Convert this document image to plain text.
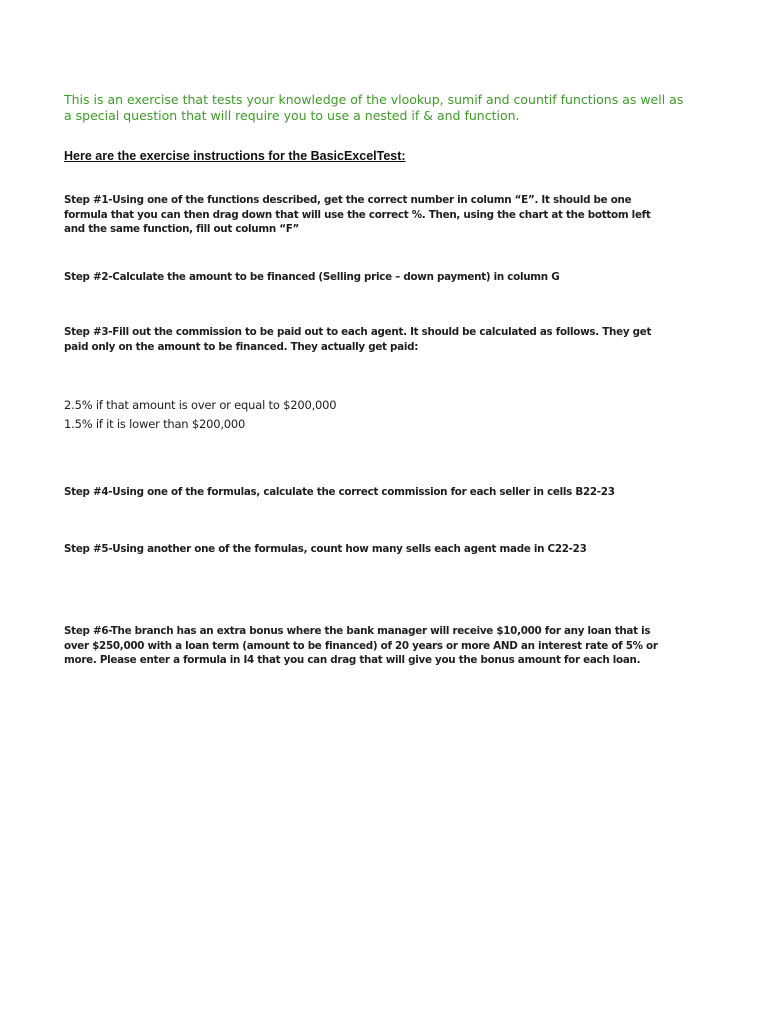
This is an exercise that tests your knowledge of the vlookup, sumif and countif functions as well as a special question that will require you to use a nested if & and function.

Here are the exercise instructions for the BasicExcelTest:

Step #1-Using one of the functions described, get the correct number in column “E”. It should be one formula that you can then drag down that will use the correct %. Then, using the chart at the bottom left and the same function, fill out column “F”

Step #2-Calculate the amount to be financed (Selling price – down payment) in column G

Step #3-Fill out the commission to be paid out to each agent. It should be calculated as follows. They get paid only on the amount to be financed. They actually get paid:

2.5% if that amount is over or equal to $200,000

1.5% if it is lower than $200,000

Step #4-Using one of the formulas, calculate the correct commission for each seller in cells B22-23

Step #5-Using another one of the formulas, count how many sells each agent made in C22-23

Step #6-The branch has an extra bonus where the bank manager will receive $10,000 for any loan that is over $250,000 with a loan term (amount to be financed) of 20 years or more AND an interest rate of 5% or more. Please enter a formula in I4 that you can drag that will give you the bonus amount for each loan.
